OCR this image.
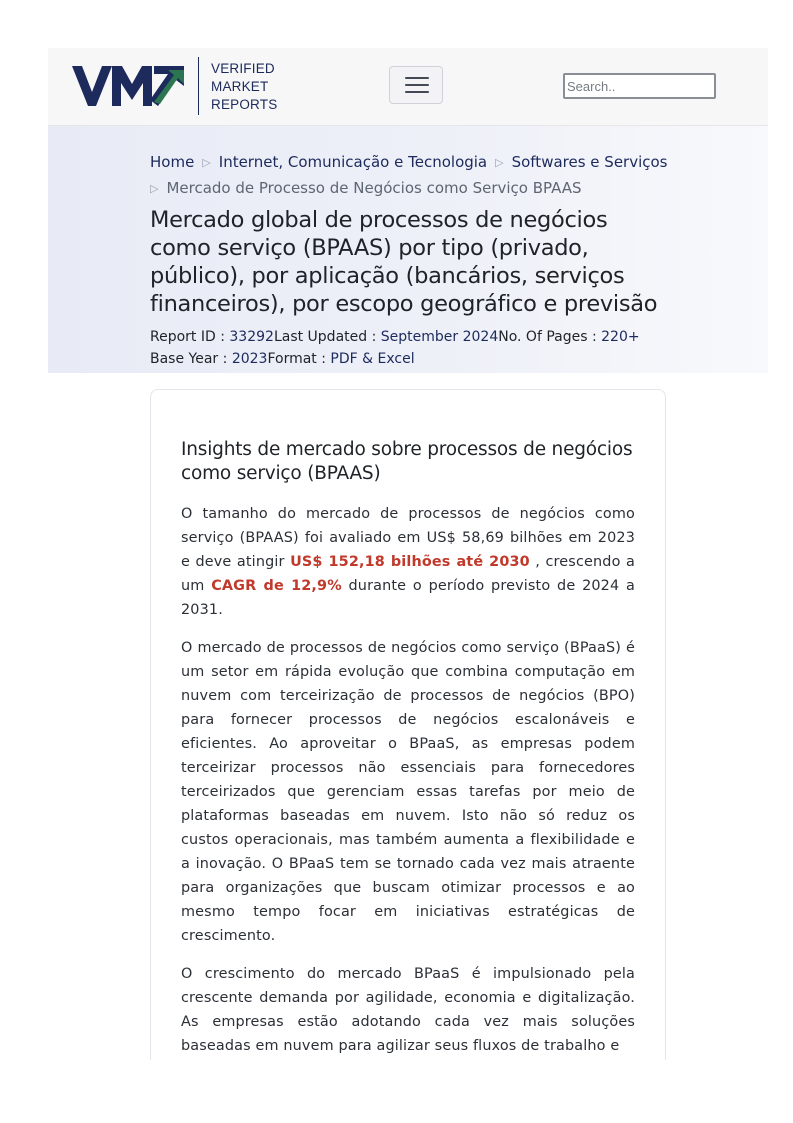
VERIFIED
MARKET
REPORTS
Search..
Home ▷ Internet, Comunicação e Tecnologia ▷ Softwares e Serviços
▷ Mercado de Processo de Negócios como Serviço BPAAS
Mercado global de processos de negócios como serviço (BPAAS) por tipo (privado, público), por aplicação (bancários, serviços financeiros), por escopo geográfico e previsão
Report ID : 33292Last Updated : September 2024No. Of Pages : 220+
Base Year : 2023Format : PDF & Excel
Insights de mercado sobre processos de negócios como serviço (BPAAS)

O tamanho do mercado de processos de negócios como serviço (BPAAS) foi avaliado em US$ 58,69 bilhões em 2023 e deve atingir US$ 152,18 bilhões até 2030 , crescendo a um CAGR de 12,9% durante o período previsto de 2024 a 2031.

O mercado de processos de negócios como serviço (BPaaS) é um setor em rápida evolução que combina computação em nuvem com terceirização de processos de negócios (BPO) para fornecer processos de negócios escalonáveis e eficientes. Ao aproveitar o BPaaS, as empresas podem terceirizar processos não essenciais para fornecedores terceirizados que gerenciam essas tarefas por meio de plataformas baseadas em nuvem. Isto não só reduz os custos operacionais, mas também aumenta a flexibilidade e a inovação. O BPaaS tem se tornado cada vez mais atraente para organizações que buscam otimizar processos e ao mesmo tempo focar em iniciativas estratégicas de crescimento.

O crescimento do mercado BPaaS é impulsionado pela crescente demanda por agilidade, economia e digitalização. As empresas estão adotando cada vez mais soluções baseadas em nuvem para agilizar seus fluxos de trabalho e
